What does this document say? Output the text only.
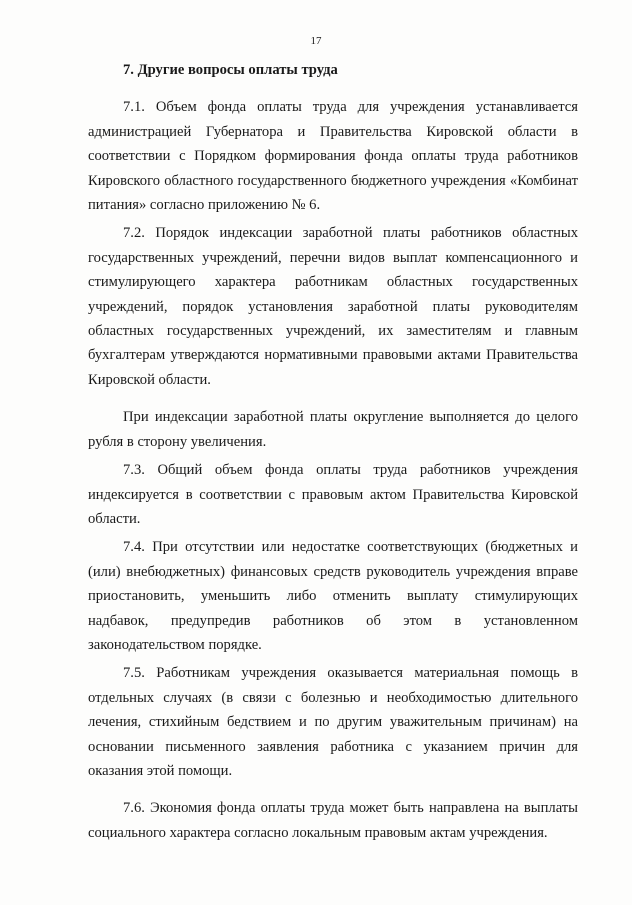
17

7. Другие вопросы оплаты труда

7.1. Объем фонда оплаты труда для учреждения устанавливается администрацией Губернатора и Правительства Кировской области в соответствии с Порядком формирования фонда оплаты труда работников Кировского областного государственного бюджетного учреждения «Комбинат питания» согласно приложению № 6.

7.2. Порядок индексации заработной платы работников областных государственных учреждений, перечни видов выплат компенсационного и стимулирующего характера работникам областных государственных учреждений, порядок установления заработной платы руководителям областных государственных учреждений, их заместителям и главным бухгалтерам утверждаются нормативными правовыми актами Правительства Кировской области.

При индексации заработной платы округление выполняется до целого рубля в сторону увеличения.

7.3. Общий объем фонда оплаты труда работников учреждения индексируется в соответствии с правовым актом Правительства Кировской области.

7.4. При отсутствии или недостатке соответствующих (бюджетных и (или) внебюджетных) финансовых средств руководитель учреждения вправе приостановить, уменьшить либо отменить выплату стимулирующих надбавок, предупредив работников об этом в установленном законодательством порядке.

7.5. Работникам учреждения оказывается материальная помощь в отдельных случаях (в связи с болезнью и необходимостью длительного лечения, стихийным бедствием и по другим уважительным причинам) на основании письменного заявления работника с указанием причин для оказания этой помощи.

7.6. Экономия фонда оплаты труда может быть направлена на выплаты социального характера согласно локальным правовым актам учреждения.
